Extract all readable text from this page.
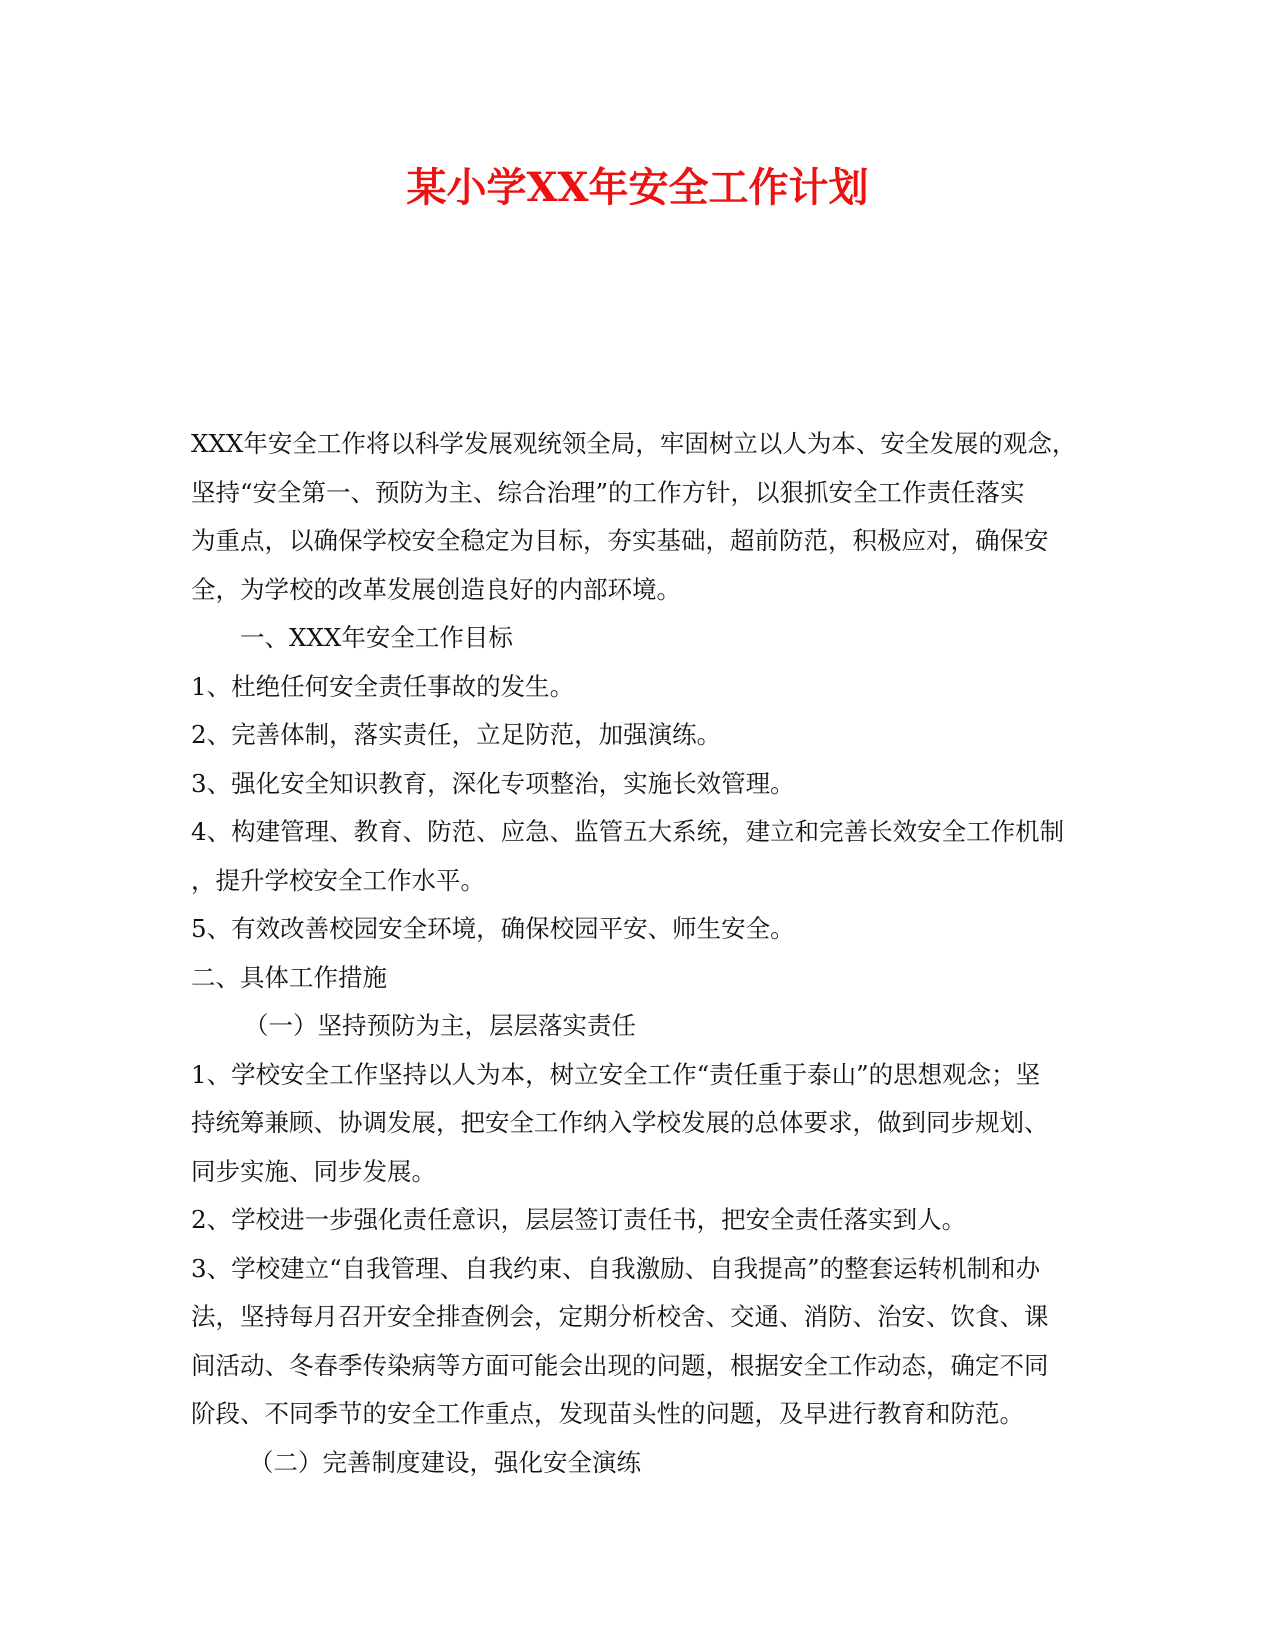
某小学XX年安全工作计划

XXX年安全工作将以科学发展观统领全局，牢固树立以人为本、安全发展的观念，

坚持“安全第一、预防为主、综合治理”的工作方针，以狠抓安全工作责任落实

为重点，以确保学校安全稳定为目标，夯实基础，超前防范，积极应对，确保安

全，为学校的改革发展创造良好的内部环境。

一、XXX年安全工作目标

1、杜绝任何安全责任事故的发生。

2、完善体制，落实责任，立足防范，加强演练。

3、强化安全知识教育，深化专项整治，实施长效管理。

4、构建管理、教育、防范、应急、监管五大系统，建立和完善长效安全工作机制

，提升学校安全工作水平。

5、有效改善校园安全环境，确保校园平安、师生安全。

二、具体工作措施

（一）坚持预防为主，层层落实责任

1、学校安全工作坚持以人为本，树立安全工作“责任重于泰山”的思想观念；坚

持统筹兼顾、协调发展，把安全工作纳入学校发展的总体要求，做到同步规划、

同步实施、同步发展。

2、学校进一步强化责任意识，层层签订责任书，把安全责任落实到人。

3、学校建立“自我管理、自我约束、自我激励、自我提高”的整套运转机制和办

法，坚持每月召开安全排查例会，定期分析校舍、交通、消防、治安、饮食、课

间活动、冬春季传染病等方面可能会出现的问题，根据安全工作动态，确定不同

阶段、不同季节的安全工作重点，发现苗头性的问题，及早进行教育和防范。

（二）完善制度建设，强化安全演练
